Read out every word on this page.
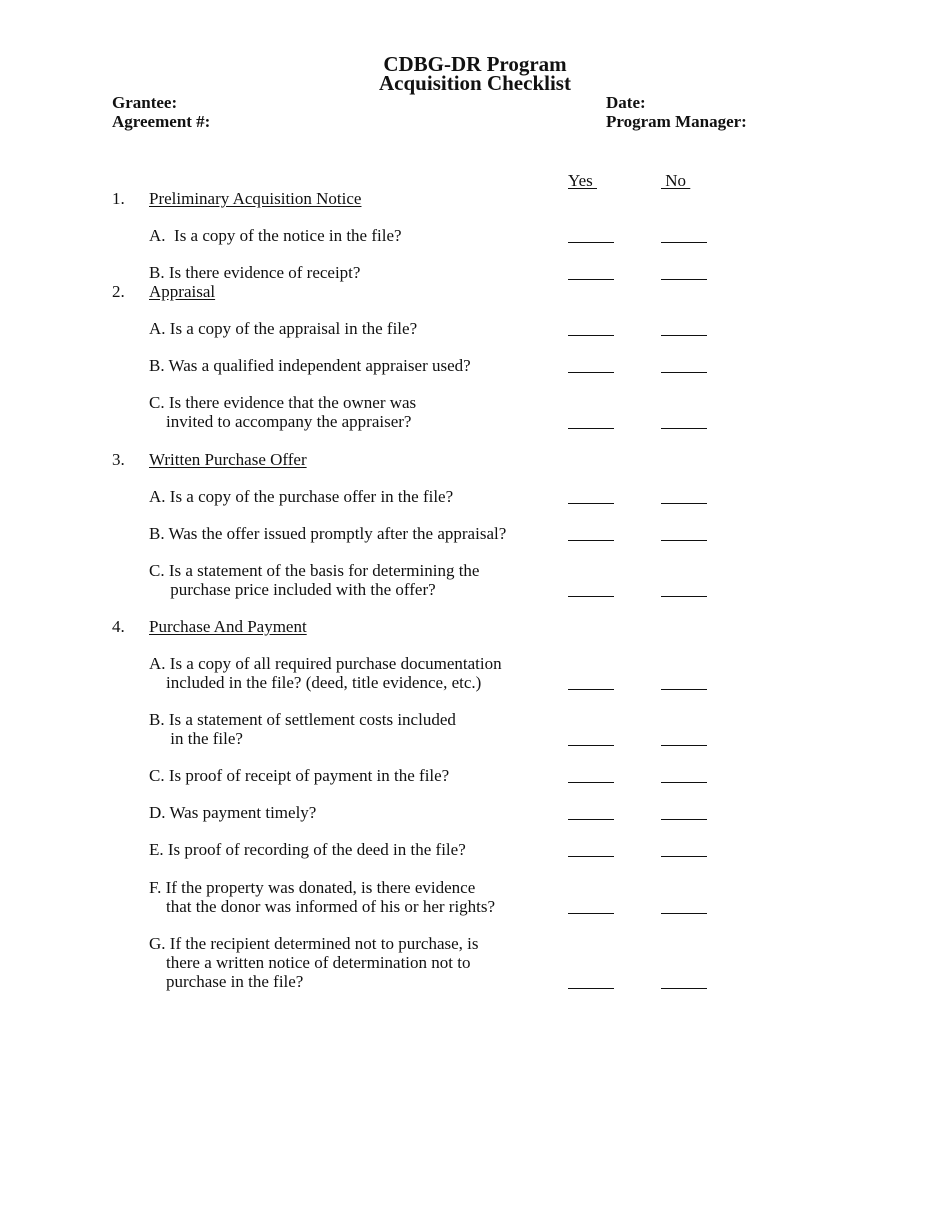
CDBG-DR Program
Acquisition Checklist
Grantee:
Agreement #:
Date:
Program Manager:
Yes	No
1. Preliminary Acquisition Notice
A.  Is a copy of the notice in the file?
B. Is there evidence of receipt?
2. Appraisal
A. Is a copy of the appraisal in the file?
B. Was a qualified independent appraiser used?
C. Is there evidence that the owner was
invited to accompany the appraiser?
3. Written Purchase Offer
A. Is a copy of the purchase offer in the file?
B. Was the offer issued promptly after the appraisal?
C. Is a statement of the basis for determining the
purchase price included with the offer?
4. Purchase And Payment
A. Is a copy of all required purchase documentation
included in the file? (deed, title evidence, etc.)
B. Is a statement of settlement costs included
in the file?
C. Is proof of receipt of payment in the file?
D. Was payment timely?
E. Is proof of recording of the deed in the file?
F. If the property was donated, is there evidence
that the donor was informed of his or her rights?
G. If the recipient determined not to purchase, is
there a written notice of determination not to
purchase in the file?
